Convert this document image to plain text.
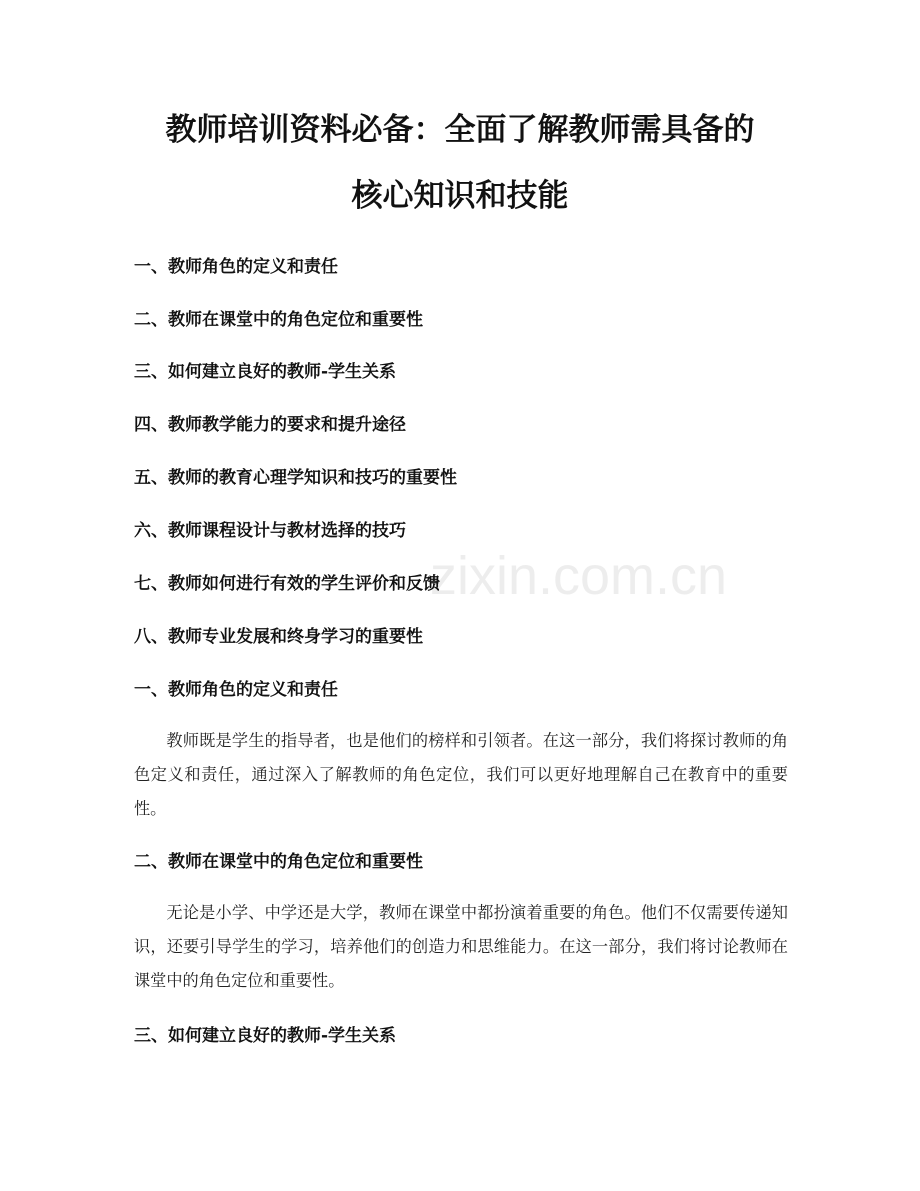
zixin.com.cn
教师培训资料必备：全面了解教师需具备的
核心知识和技能

一、教师角色的定义和责任

二、教师在课堂中的角色定位和重要性

三、如何建立良好的教师-学生关系

四、教师教学能力的要求和提升途径

五、教师的教育心理学知识和技巧的重要性

六、教师课程设计与教材选择的技巧

七、教师如何进行有效的学生评价和反馈

八、教师专业发展和终身学习的重要性

一、教师角色的定义和责任

教师既是学生的指导者，也是他们的榜样和引领者。在这一部分，我们将探讨教师的角色定义和责任，通过深入了解教师的角色定位，我们可以更好地理解自己在教育中的重要性。

二、教师在课堂中的角色定位和重要性

无论是小学、中学还是大学，教师在课堂中都扮演着重要的角色。他们不仅需要传递知识，还要引导学生的学习，培养他们的创造力和思维能力。在这一部分，我们将讨论教师在课堂中的角色定位和重要性。

三、如何建立良好的教师-学生关系
